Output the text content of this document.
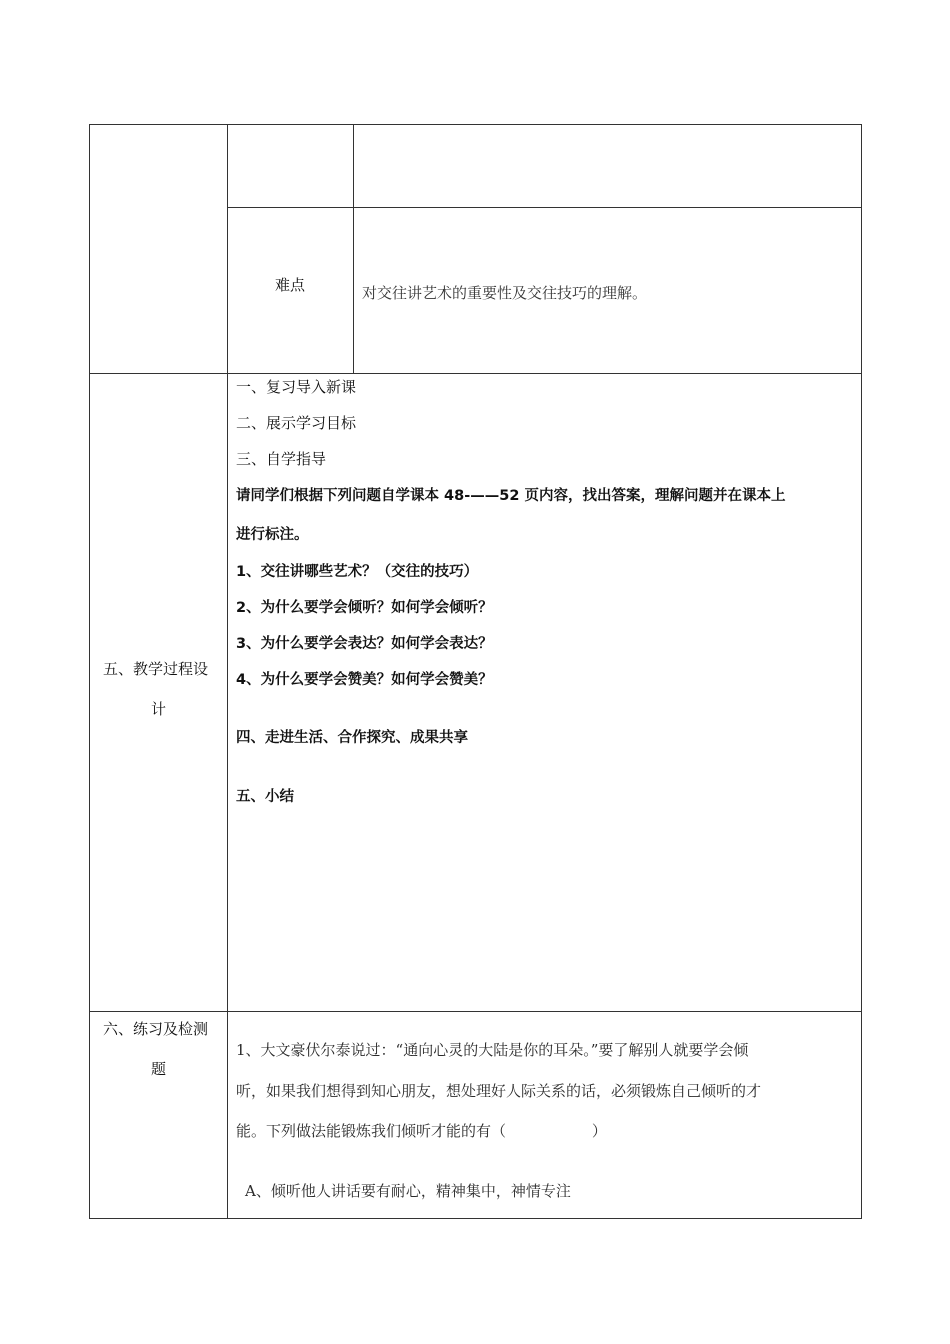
难点	对交往讲艺术的重要性及交往技巧的理解。
五、教学过程设
计
一、复习导入新课
二、展示学习目标
三、自学指导
请同学们根据下列问题自学课本 48-——52 页内容，找出答案，理解问题并在课本上
进行标注。
1、交往讲哪些艺术？（交往的技巧）
2、为什么要学会倾听？如何学会倾听？
3、为什么要学会表达？如何学会表达？
4、为什么要学会赞美？如何学会赞美？
四、走进生活、合作探究、成果共享
五、小结
六、练习及检测
题
1、大文豪伏尔泰说过：“通向心灵的大陆是你的耳朵。”要了解别人就要学会倾
听，如果我们想得到知心朋友，想处理好人际关系的话，必须锻炼自己倾听的才
能。下列做法能锻炼我们倾听才能的有（                  ）
A、倾听他人讲话要有耐心，精神集中，神情专注
